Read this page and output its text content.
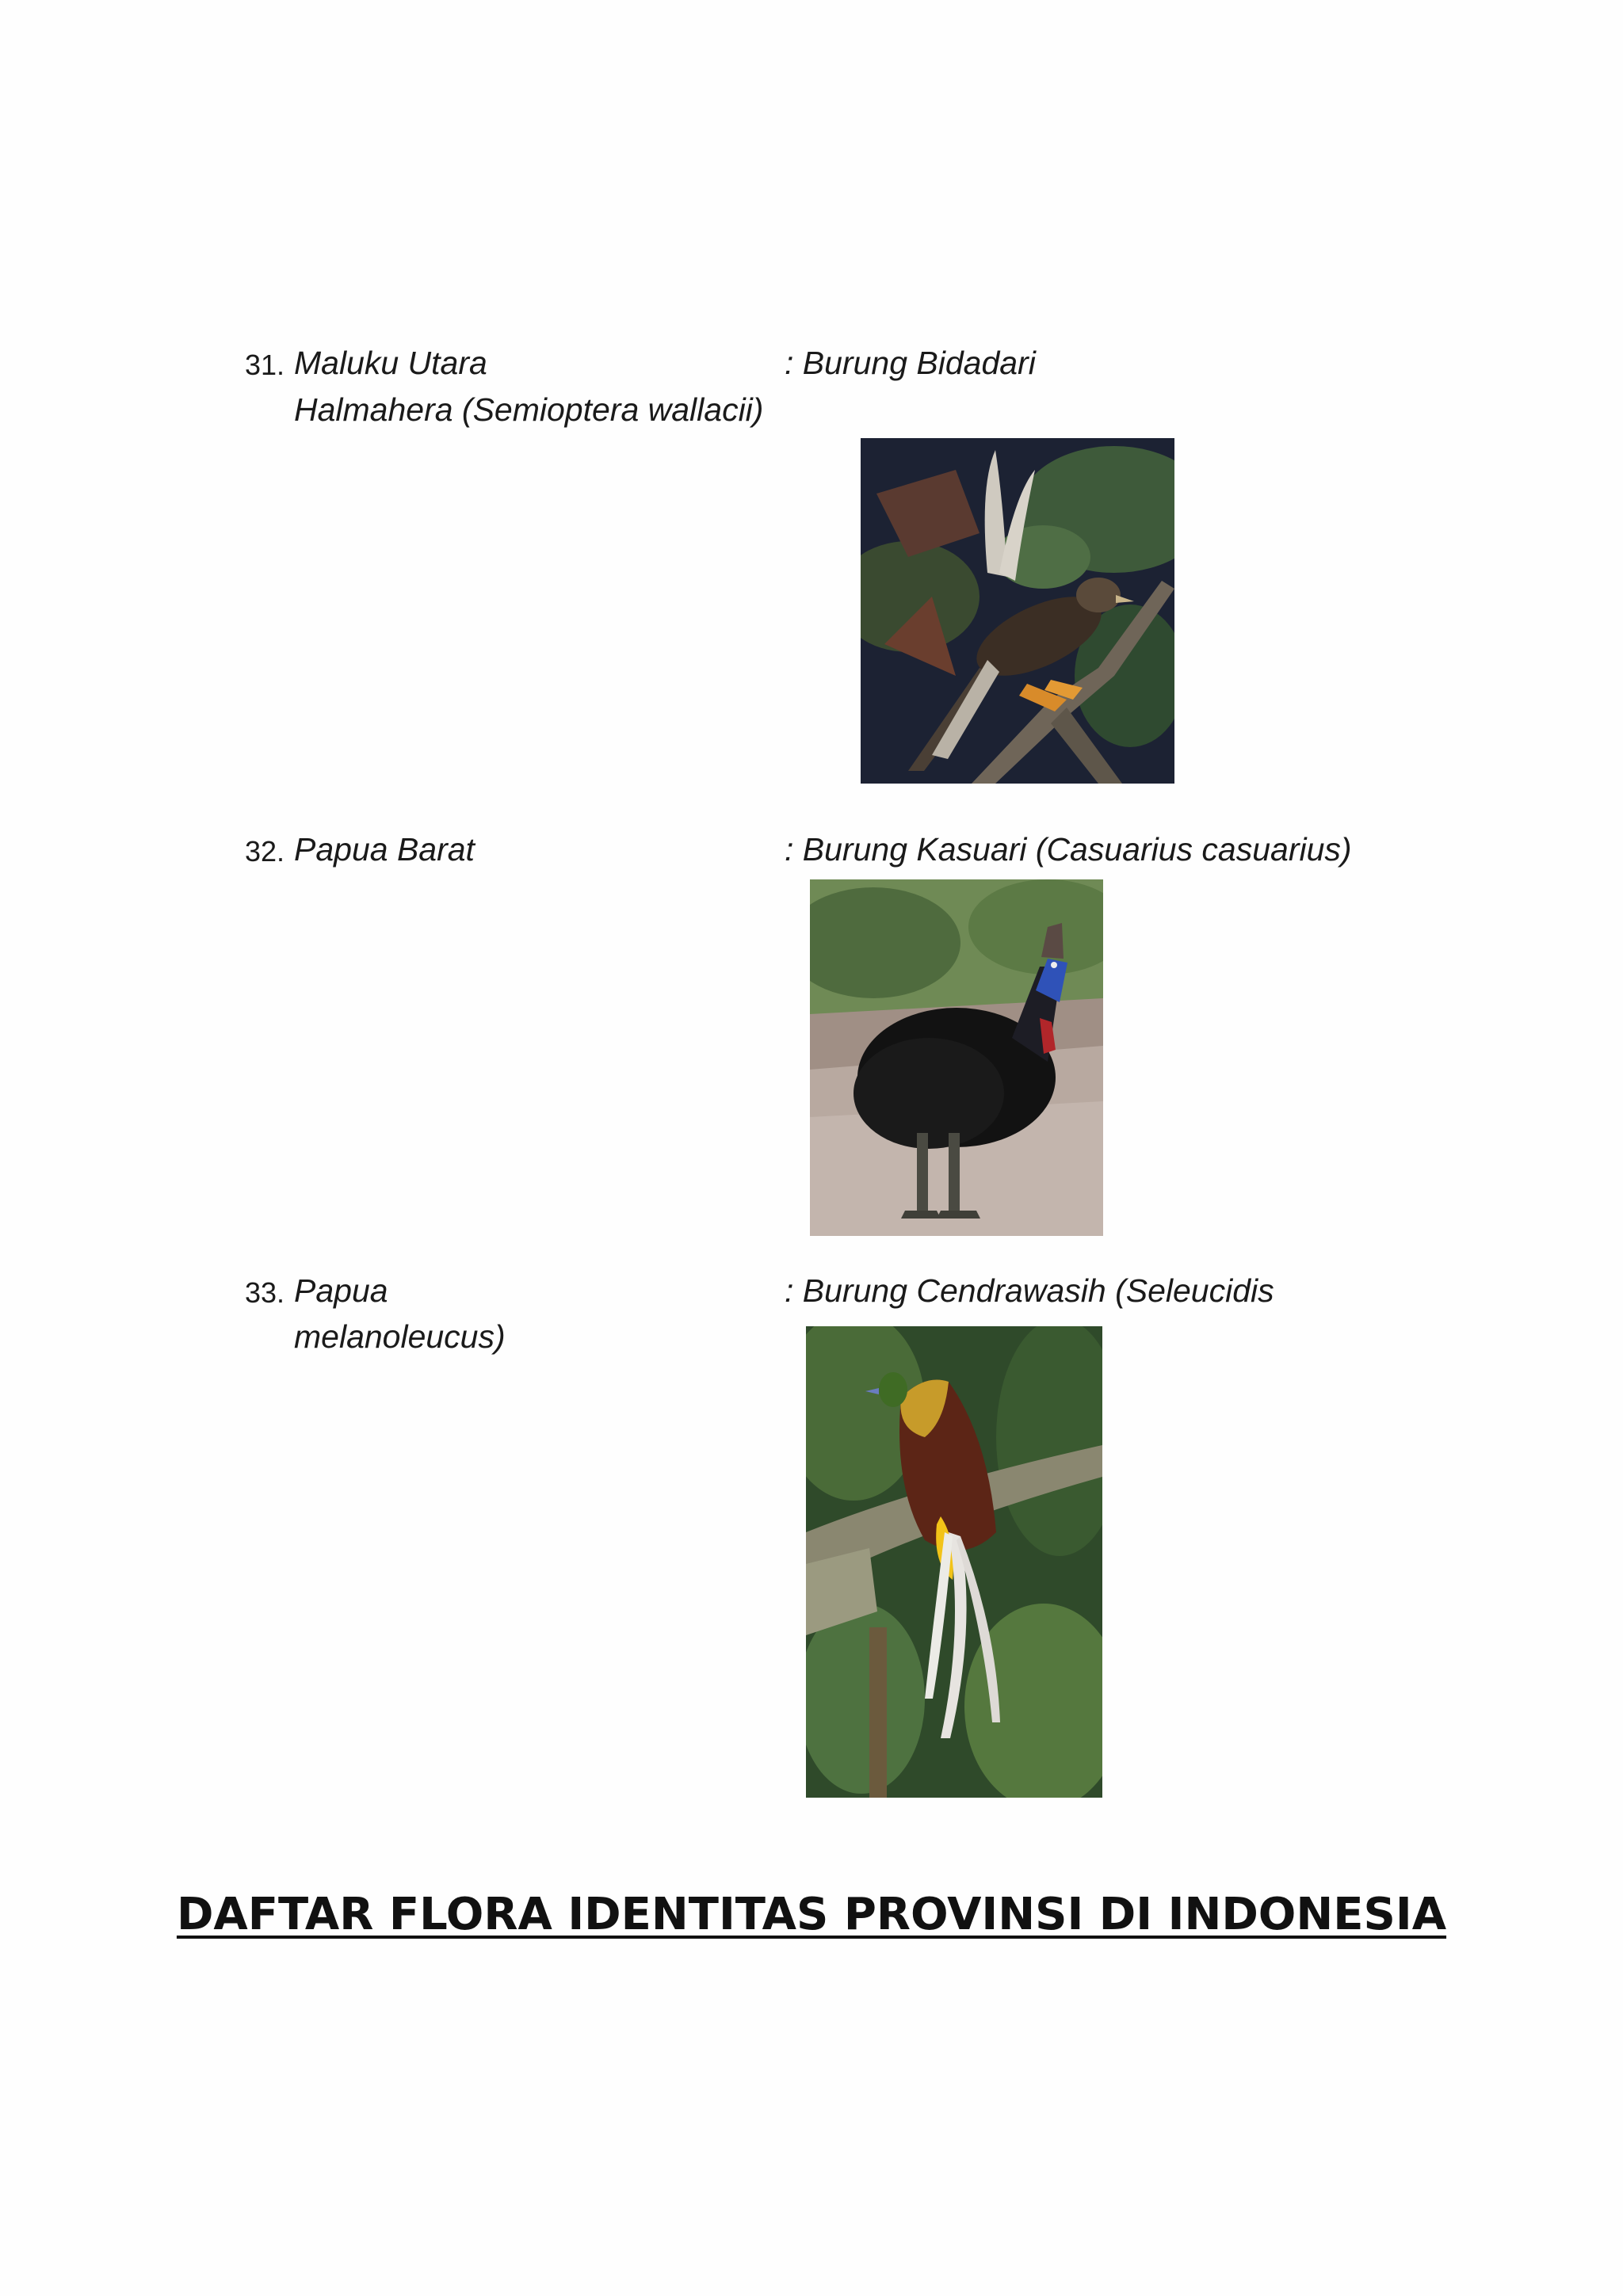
31. Maluku Utara	: Burung Bidadari
Halmahera (Semioptera wallacii)
32. Papua Barat	: Burung Kasuari (Casuarius casuarius)
33. Papua	: Burung Cendrawasih (Seleucidis
melanoleucus)
DAFTAR FLORA IDENTITAS PROVINSI DI INDONESIA
